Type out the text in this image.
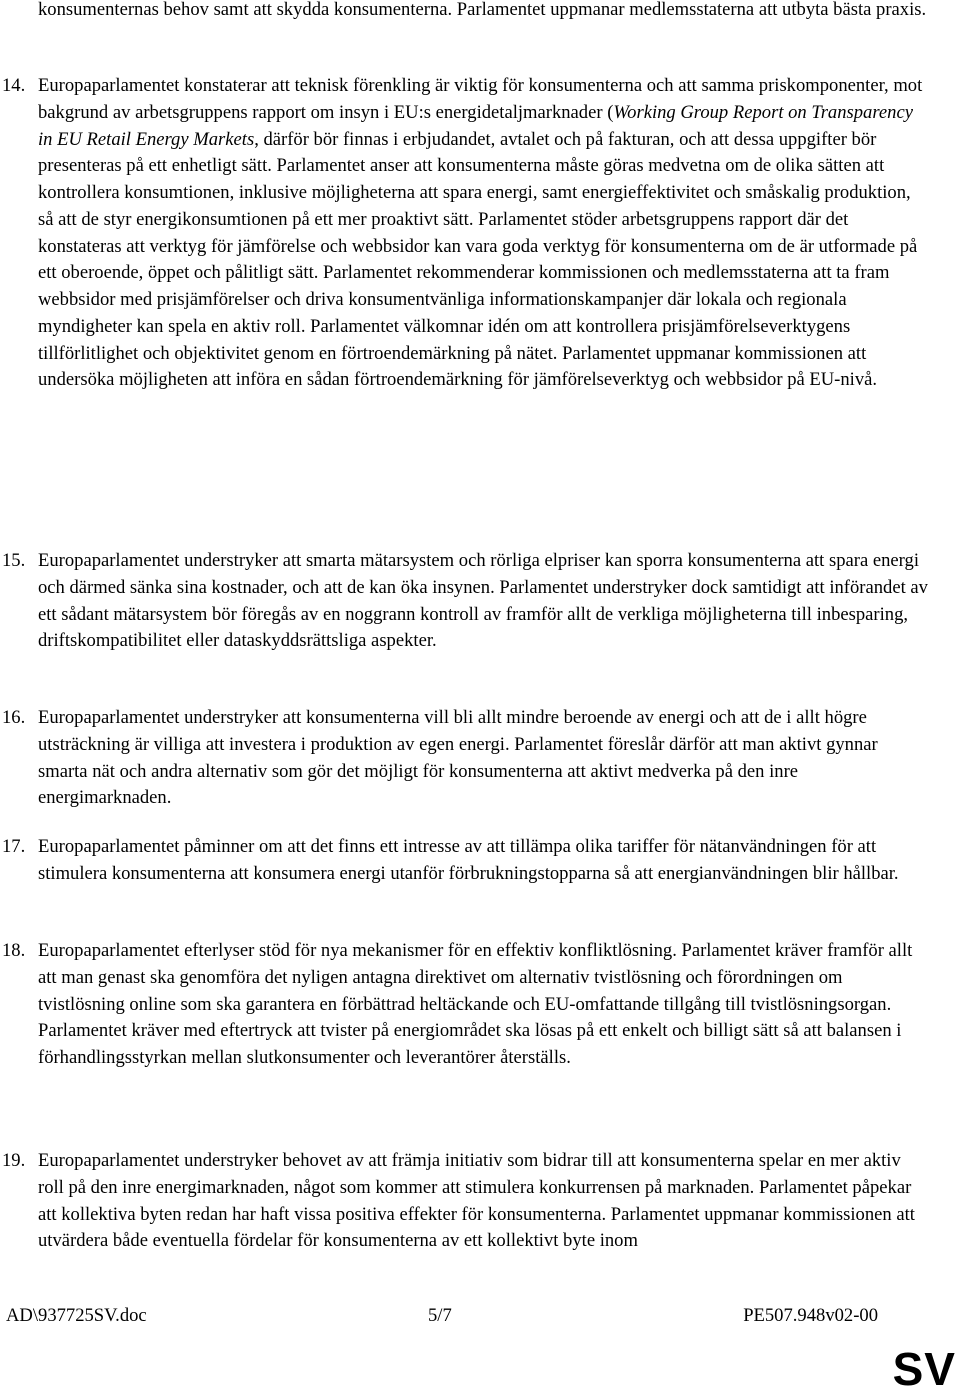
konsumenternas behov samt att skydda konsumenterna. Parlamentet uppmanar medlemsstaterna att utbyta bästa praxis.

14. Europaparlamentet konstaterar att teknisk förenkling är viktig för konsumenterna och att samma priskomponenter, mot bakgrund av arbetsgruppens rapport om insyn i EU:s energidetaljmarknader (Working Group Report on Transparency in EU Retail Energy Markets, därför bör finnas i erbjudandet, avtalet och på fakturan, och att dessa uppgifter bör presenteras på ett enhetligt sätt. Parlamentet anser att konsumenterna måste göras medvetna om de olika sätten att kontrollera konsumtionen, inklusive möjligheterna att spara energi, samt energieffektivitet och småskalig produktion, så att de styr energikonsumtionen på ett mer proaktivt sätt. Parlamentet stöder arbetsgruppens rapport där det konstateras att verktyg för jämförelse och webbsidor kan vara goda verktyg för konsumenterna om de är utformade på ett oberoende, öppet och pålitligt sätt. Parlamentet rekommenderar kommissionen och medlemsstaterna att ta fram webbsidor med prisjämförelser och driva konsumentvänliga informationskampanjer där lokala och regionala myndigheter kan spela en aktiv roll. Parlamentet välkomnar idén om att kontrollera prisjämförelseverktygens tillförlitlighet och objektivitet genom en förtroendemärkning på nätet. Parlamentet uppmanar kommissionen att undersöka möjligheten att införa en sådan förtroendemärkning för jämförelseverktyg och webbsidor på EU-nivå.
15. Europaparlamentet understryker att smarta mätarsystem och rörliga elpriser kan sporra konsumenterna att spara energi och därmed sänka sina kostnader, och att de kan öka insynen. Parlamentet understryker dock samtidigt att införandet av ett sådant mätarsystem bör föregås av en noggrann kontroll av framför allt de verkliga möjligheterna till inbesparing, driftskompatibilitet eller dataskyddsrättsliga aspekter.
16. Europaparlamentet understryker att konsumenterna vill bli allt mindre beroende av energi och att de i allt högre utsträckning är villiga att investera i produktion av egen energi. Parlamentet föreslår därför att man aktivt gynnar smarta nät och andra alternativ som gör det möjligt för konsumenterna att aktivt medverka på den inre energimarknaden.
17. Europaparlamentet påminner om att det finns ett intresse av att tillämpa olika tariffer för nätanvändningen för att stimulera konsumenterna att konsumera energi utanför förbrukningstopparna så att energianvändningen blir hållbar.
18. Europaparlamentet efterlyser stöd för nya mekanismer för en effektiv konfliktlösning. Parlamentet kräver framför allt att man genast ska genomföra det nyligen antagna direktivet om alternativ tvistlösning och förordningen om tvistlösning online som ska garantera en förbättrad heltäckande och EU-omfattande tillgång till tvistlösningsorgan. Parlamentet kräver med eftertryck att tvister på energiområdet ska lösas på ett enkelt och billigt sätt så att balansen i förhandlingsstyrkan mellan slutkonsumenter och leverantörer återställs.
19. Europaparlamentet understryker behovet av att främja initiativ som bidrar till att konsumenterna spelar en mer aktiv roll på den inre energimarknaden, något som kommer att stimulera konkurrensen på marknaden. Parlamentet påpekar att kollektiva byten redan har haft vissa positiva effekter för konsumenterna. Parlamentet uppmanar kommissionen att utvärdera både eventuella fördelar för konsumenterna av ett kollektivt byte inom
AD\937725SV.doc	5/7	PE507.948v02-00
SV
